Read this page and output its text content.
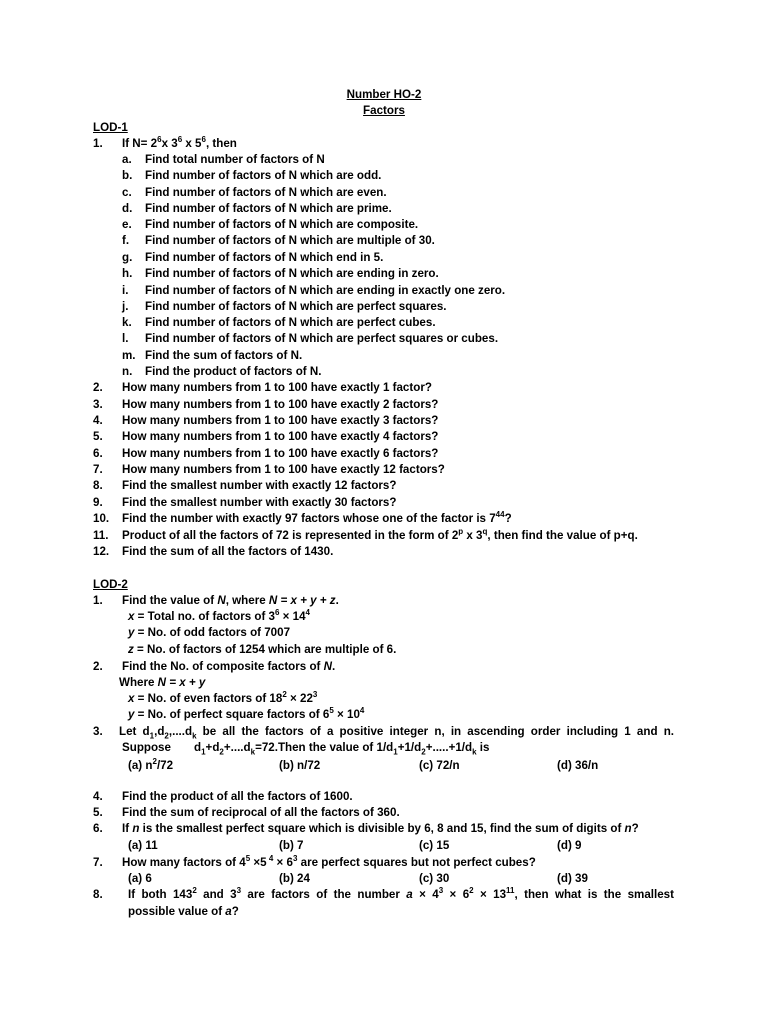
Number HO-2
Factors
LOD-1
1. If $N= 2^6x$ $3^6$ x $5^6$, then
a. Find total number of factors of N
b. Find number of factors of N which are odd.
c. Find number of factors of N which are even.
d. Find number of factors of N which are prime.
e. Find number of factors of N which are composite.
f. Find number of factors of N which are multiple of 30.
g. Find number of factors of N which end in 5.
h. Find number of factors of N which are ending in zero.
i. Find number of factors of N which are ending in exactly one zero.
j. Find number of factors of N which are perfect squares.
k. Find number of factors of N which are perfect cubes.
l. Find number of factors of N which are perfect squares or cubes.
m. Find the sum of factors of N.
n. Find the product of factors of N.
2. How many numbers from 1 to 100 have exactly 1 factor?
3. How many numbers from 1 to 100 have exactly 2 factors?
4. How many numbers from 1 to 100 have exactly 3 factors?
5. How many numbers from 1 to 100 have exactly 4 factors?
6. How many numbers from 1 to 100 have exactly 6 factors?
7. How many numbers from 1 to 100 have exactly 12 factors?
8. Find the smallest number with exactly 12 factors?
9. Find the smallest number with exactly 30 factors?
10. Find the number with exactly 97 factors whose one of the factor is $7^{44}$?
11. Product of all the factors of 72 is represented in the form of 2$^p$ x 3$^q$, then find the value of p+q.
12. Find the sum of all the factors of 1430.
LOD-2
1. Find the value of N, where N = x + y + z.
x = Total no. of factors of $3^6 \times 14^4$
y = No. of odd factors of 7007
z = No. of factors of 1254 which are multiple of 6.
2. Find the No. of composite factors of N.
Where N = x + y
x = No. of even factors of $18^2 \times 22^3$
y = No. of perfect square factors of $6^5 \times 10^4$
3. Let $d_1,d_2,....d_k$ be all the factors of a positive integer n, in ascending order including 1 and n.
Suppose $d_1+d_2+....d_k=72.Then$ the value of $1/d_1+1/d_2+.....+1/d_k$ is
(a) $n^2/72$	(b) n/72	(c) 72/n	(d) 36/n
4. Find the product of all the factors of 1600.
5. Find the sum of reciprocal of all the factors of 360.
6. If n is the smallest perfect square which is divisible by 6, 8 and 15, find the sum of digits of n?
(a) 11	(b) 7	(c) 15	(d) 9
7. How many factors of $4^5 \times 5$ $^4 \times 6^3$ are perfect squares but not perfect cubes?
(a) 6	(b) 24	(c) 30	(d) 39
8. If both $143^2$ and $3^3$ are factors of the number $a \times 4^3 \times 6^2 \times 13^{11}$, then what is the smallest
possible value of a?
